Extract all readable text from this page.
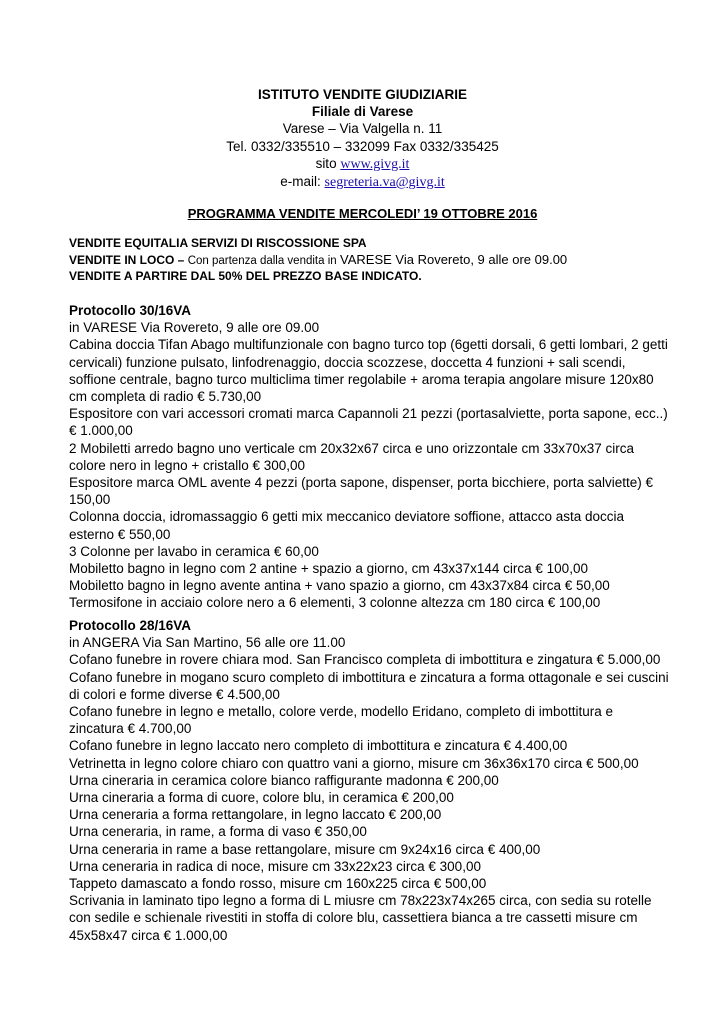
ISTITUTO VENDITE GIUDIZIARIE
Filiale di Varese
Varese – Via Valgella n. 11
Tel. 0332/335510 – 332099 Fax 0332/335425
sito www.givg.it
e-mail: segreteria.va@givg.it
PROGRAMMA VENDITE MERCOLEDI’ 19 OTTOBRE 2016
VENDITE EQUITALIA SERVIZI DI RISCOSSIONE SPA
VENDITE IN LOCO – Con partenza dalla vendita in VARESE Via Rovereto, 9 alle ore 09.00
VENDITE A PARTIRE DAL 50% DEL PREZZO BASE INDICATO.

Protocollo 30/16VA

in VARESE Via Rovereto, 9 alle ore 09.00

Cabina doccia Tifan Abago multifunzionale con bagno turco top (6getti dorsali, 6 getti lombari, 2 getti cervicali) funzione pulsato, linfodrenaggio, doccia scozzese, doccetta 4 funzioni + sali scendi, soffione centrale, bagno turco multiclima timer regolabile + aroma terapia angolare misure 120x80 cm completa di radio € 5.730,00

Espositore con vari accessori cromati marca Capannoli 21 pezzi (portasalviette, porta sapone, ecc..) € 1.000,00

2 Mobiletti arredo bagno uno verticale cm 20x32x67 circa e uno orizzontale cm 33x70x37 circa colore nero in legno + cristallo € 300,00

Espositore marca OML avente 4 pezzi (porta sapone, dispenser, porta bicchiere, porta salviette) € 150,00

Colonna doccia, idromassaggio 6 getti mix meccanico deviatore soffione, attacco asta doccia esterno € 550,00

3 Colonne per lavabo in ceramica € 60,00

Mobiletto bagno in legno com 2 antine + spazio a giorno, cm 43x37x144 circa € 100,00

Mobiletto bagno in legno avente antina + vano spazio a giorno, cm 43x37x84 circa € 50,00

Termosifone in acciaio colore nero a 6 elementi, 3 colonne altezza cm 180 circa € 100,00

Protocollo 28/16VA

in ANGERA Via San Martino, 56 alle ore 11.00

Cofano funebre in rovere chiara mod. San Francisco completa di imbottitura e zingatura € 5.000,00

Cofano funebre in mogano scuro completo di imbottitura e zincatura a forma ottagonale e sei cuscini di colori e forme diverse € 4.500,00

Cofano funebre in legno e metallo, colore verde, modello Eridano, completo di imbottitura e zincatura € 4.700,00

Cofano funebre in legno laccato nero completo di imbottitura e zincatura € 4.400,00

Vetrinetta in legno colore chiaro con quattro vani a giorno, misure cm 36x36x170 circa € 500,00

Urna cineraria in ceramica colore bianco raffigurante madonna € 200,00

Urna cineraria a forma di cuore, colore blu, in ceramica € 200,00

Urna ceneraria a forma rettangolare, in legno laccato € 200,00

Urna ceneraria, in rame, a forma di vaso € 350,00

Urna ceneraria in rame a base rettangolare, misure cm 9x24x16 circa € 400,00

Urna ceneraria in radica di noce, misure cm 33x22x23 circa € 300,00

Tappeto damascato a fondo rosso, misure cm 160x225 circa € 500,00

Scrivania in laminato tipo legno a forma di L miusre cm 78x223x74x265 circa, con sedia su rotelle con sedile e schienale rivestiti in stoffa di colore blu, cassettiera bianca a tre cassetti misure cm 45x58x47 circa € 1.000,00
